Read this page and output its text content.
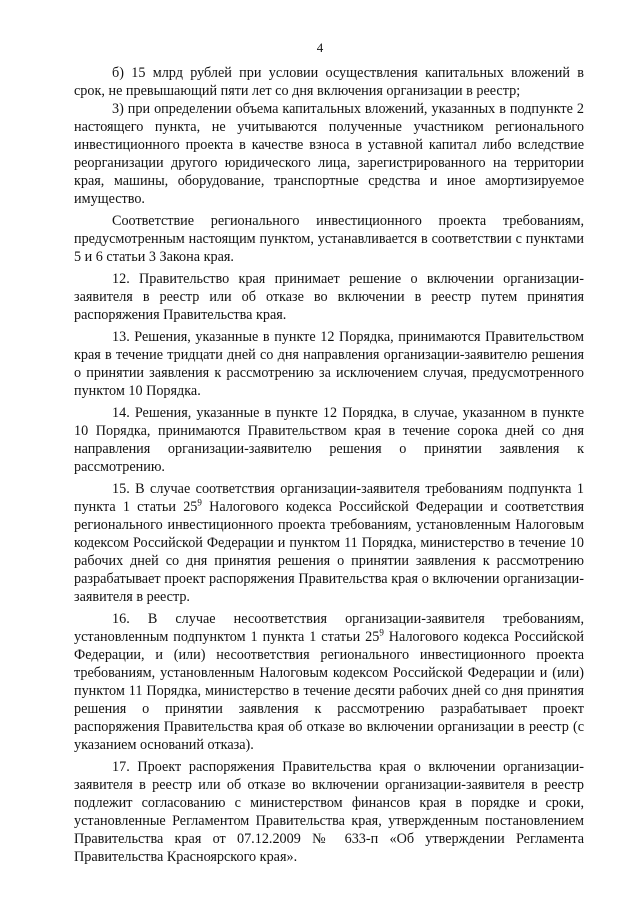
4

б) 15 млрд рублей при условии осуществления капитальных вложений в срок, не превышающий пяти лет со дня включения организации в реестр;

3) при определении объема капитальных вложений, указанных в подпункте 2 настоящего пункта, не учитываются полученные участником регионального инвестиционного проекта в качестве взноса в уставной капитал либо вследствие реорганизации другого юридического лица, зарегистрированного на территории края, машины, оборудование, транспортные средства и иное амортизируемое имущество.

Соответствие регионального инвестиционного проекта требованиям, предусмотренным настоящим пунктом, устанавливается в соответствии с пунктами 5 и 6 статьи 3 Закона края.

12. Правительство края принимает решение о включении организации-заявителя в реестр или об отказе во включении в реестр путем принятия распоряжения Правительства края.

13. Решения, указанные в пункте 12 Порядка, принимаются Правительством края в течение тридцати дней со дня направления организации-заявителю решения о принятии заявления к рассмотрению за исключением случая, предусмотренного пунктом 10 Порядка.

14. Решения, указанные в пункте 12 Порядка, в случае, указанном в пункте 10 Порядка, принимаются Правительством края в течение сорока дней со дня направления организации-заявителю решения о принятии заявления к рассмотрению.

15. В случае соответствия организации-заявителя требованиям подпункта 1 пункта 1 статьи $25^9$ Налогового кодекса Российской Федерации и соответствия регионального инвестиционного проекта требованиям, установленным Налоговым кодексом Российской Федерации и пунктом 11 Порядка, министерство в течение 10 рабочих дней со дня принятия решения о принятии заявления к рассмотрению разрабатывает проект распоряжения Правительства края о включении организации-заявителя в реестр.

16. В случае несоответствия организации-заявителя требованиям, установленным подпунктом 1 пункта 1 статьи $25^9$ Налогового кодекса Российской Федерации, и (или) несоответствия регионального инвестиционного проекта требованиям, установленным Налоговым кодексом Российской Федерации и (или) пунктом 11 Порядка, министерство в течение десяти рабочих дней со дня принятия решения о принятии заявления к рассмотрению разрабатывает проект распоряжения Правительства края об отказе во включении организации в реестр (с указанием оснований отказа).

17. Проект распоряжения Правительства края о включении организации-заявителя в реестр или об отказе во включении организации-заявителя в реестр подлежит согласованию с министерством финансов края в порядке и сроки, установленные Регламентом Правительства края, утвержденным постановлением Правительства края от 07.12.2009 № 633-п «Об утверждении Регламента Правительства Красноярского края».
